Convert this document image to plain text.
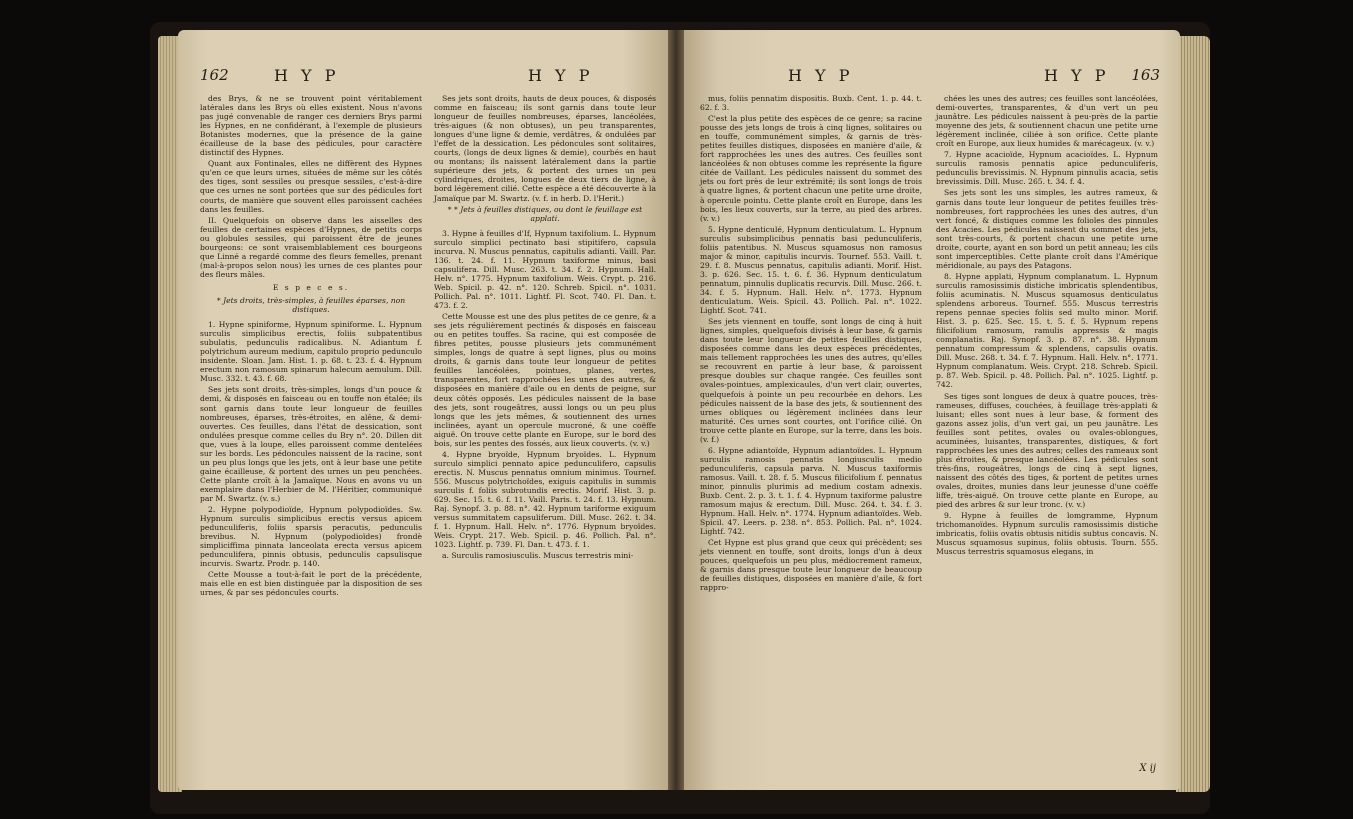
162	H Y P	H Y P

des Brys, & ne se trouvent point véritablement latérales dans les Brys où elles existent. Nous n'avons pas jugé convenable de ranger ces derniers Brys parmi les Hypnes, en ne confidérant, à l'exemple de plusieurs Botanistes modernes, que la présence de la gaine écailleuse de la base des pédicules, pour caractère distinctif des Hypnes.

Quant aux Fontinales, elles ne diffèrent des Hypnes qu'en ce que leurs urnes, situées de même sur les côtés des tiges, sont sessiles ou presque sessiles, c'est-à-dire que ces urnes ne sont portées que sur des pédicules fort courts, de manière que souvent elles paroissent cachées dans les feuilles.

II. Quelquefois on observe dans les aisselles des feuilles de certaines espèces d'Hypnes, de petits corps ou globules sessiles, qui paroissent être de jeunes bourgeons: ce sont vraisemblablement ces bourgeons que Linné a regardé comme des fleurs femelles, prenant (mal-à-propos selon nous) les urnes de ces plantes pour des fleurs mâles.

E s p e c e s.

* Jets droits, très-simples, à feuilles éparses, non distiques.

1. Hypne spiniforme, Hypnum spiniforme. L. Hypnum surculis simplicibus erectis, foliis subpatentibus subulatis, pedunculis radicalibus. N. Adiantum f. polytrichum aureum medium, capitulo proprio pedunculo insidente. Sloan. Jam. Hist. 1. p. 68. t. 23. f. 4. Hypnum erectum non ramosum spinarum halecum aemulum. Dill. Musc. 332. t. 43. f. 68.

Ses jets sont droits, très-simples, longs d'un pouce & demi, & disposés en faisceau ou en touffe non étalée; ils sont garnis dans toute leur longueur de feuilles nombreuses, éparses, très-étroites, en alêne, & demi-ouvertes. Ces feuilles, dans l'état de dessication, sont ondulées presque comme celles du Bry n°. 20. Dillen dit que, vues à la loupe, elles paroissent comme dentelées sur les bords. Les pédoncules naissent de la racine, sont un peu plus longs que les jets, ont à leur base une petite gaine écailleuse, & portent des urnes un peu penchées. Cette plante croît à la Jamaïque. Nous en avons vu un exemplaire dans l'Herbier de M. l'Héritier, communiqué par M. Swartz. (v. s.)

2. Hypne polypodioïde, Hypnum polypodioïdes. Sw. Hypnum surculis simplicibus erectis versus apicem pedunculiferis, foliis sparsis peracutis, pedunculis brevibus. N. Hypnum (polypodioïdes) frondè simpliciffima pinnata lanceolata erecta versus apicem pedunculifera, pinnis obtusis, pedunculis capsulisque incurvis. Swartz. Prodr. p. 140.

Cette Mousse a tout-à-fait le port de la précédente, mais elle en est bien distinguée par la disposition de ses urnes, & par ses pédoncules courts.

Ses jets sont droits, hauts de deux pouces, & disposés comme en faisceau; ils sont garnis dans toute leur longueur de feuilles nombreuses, éparses, lancéolées, très-aigues (& non obtuses), un peu transparentes, longues d'une ligne & demie, verdâtres, & ondulées par l'effet de la dessication. Les pédoncules sont solitaires, courts, (longs de deux lignes & demie), courbés en haut ou montans; ils naissent latéralement dans la partie supérieure des jets, & portent des urnes un peu cylindriques, droites, longues de deux tiers de ligne, à bord légèrement cilié. Cette espèce a été découverte à la Jamaïque par M. Swartz. (v. f. in herb. D. l'Herit.)

* * Jets à feuilles distiques, ou dont le feuillage est applati.

3. Hypne à feuilles d'If, Hypnum taxifolium. L. Hypnum surculo simplici pectinato basi stipitifero, capsula incurva. N. Muscus pennatus, capitulis adianti. Vaill. Par. 136. t. 24. f. 11. Hypnum taxiforme minus, basi capsulifera. Dill. Musc. 263. t. 34. f. 2. Hypnum. Hall. Helv. n°. 1775. Hypnum taxifolium. Weis. Crypt. p. 216. Web. Spicil. p. 42. n°. 120. Schreb. Spicil. n°. 1031. Pollich. Pal. n°. 1011. Lightf. Fl. Scot. 740. Fl. Dan. t. 473. f. 2.

Cette Mousse est une des plus petites de ce genre, & a ses jets régulièrement pectinés & disposés en faisceau ou en petites touffes. Sa racine, qui est composée de fibres petites, pousse plusieurs jets communément simples, longs de quatre à sept lignes, plus ou moins droits, & garnis dans toute leur longueur de petites feuilles lancéolées, pointues, planes, vertes, transparentes, fort rapprochées les unes des autres, & disposées en manière d'aile ou en dents de peigne, sur deux côtés opposés. Les pédicules naissent de la base des jets, sont rougeâtres, aussi longs ou un peu plus longs que les jets mêmes, & soutiennent des urnes inclinées, ayant un opercule mucroné, & une coëffe aiguë. On trouve cette plante en Europe, sur le bord des bois, sur les pentes des fossés, aux lieux couverts. (v. v.)

4. Hypne bryoïde, Hypnum bryoïdes. L. Hypnum surculo simplici pennato apice pedunculifero, capsulis erectis. N. Muscus pennatus omnium minimus. Tournef. 556. Muscus polytrichoïdes, exiguis capitulis in summis surculis f. foliis subrotundis erectis. Morif. Hist. 3. p. 629. Sec. 15. t. 6. f. 11. Vaill. Paris. t. 24. f. 13. Hypnum. Raj. Synopf. 3. p. 88. n°. 42. Hypnum tariforme exiguum versus summitatem capsuliferum. Dill. Musc. 262. t. 34. f. 1. Hypnum. Hall. Helv. n°. 1776. Hypnum bryoïdes. Weis. Crypt. 217. Web. Spicil. p. 46. Pollich. Pal. n°. 1023. Lightf. p. 739. Fl. Dan. t. 473. f. 1.

a. Surculis ramosiusculis. Muscus terrestris mini-

H Y P	H Y P 163

mus, foliis pennatim dispositis. Buxb. Cent. 1. p. 44. t. 62. f. 3.

C'est la plus petite des espèces de ce genre; sa racine pousse des jets longs de trois à cinq lignes, solitaires ou en touffe, communément simples, & garnis de très-petites feuilles distiques, disposées en manière d'aile, & fort rapprochées les unes des autres. Ces feuilles sont lancéolées & non obtuses comme les représente la figure citée de Vaillant. Les pédicules naissent du sommet des jets ou fort près de leur extrémité; ils sont longs de trois à quatre lignes, & portent chacun une petite urne droite, à opercule pointu. Cette plante croît en Europe, dans les bois, les lieux couverts, sur la terre, au pied des arbres. (v. v.)

5. Hypne denticulé, Hypnum denticulatum. L. Hypnum surculis subsimplicibus pennatis basi pedunculiferis, foliis patentibus. N. Muscus squamosus non ramosus major & minor, capitulis incurvis. Tournef. 553. Vaill. t. 29. f. 8. Muscus pennatus, capitulis adianti. Morif. Hist. 3. p. 626. Sec. 15. t. 6. f. 36. Hypnum denticulatum pennatum, pinnulis duplicatis recurvis. Dill. Musc. 266. t. 34. f. 5. Hypnum. Hall. Helv. n°. 1773. Hypnum denticulatum. Weis. Spicil. 43. Pollich. Pal. n°. 1022. Lightf. Scot. 741.

Ses jets viennent en touffe, sont longs de cinq à huit lignes, simples, quelquefois divisés à leur base, & garnis dans toute leur longueur de petites feuilles distiques, disposées comme dans les deux espèces précédentes, mais tellement rapprochées les unes des autres, qu'elles se recouvrent en partie à leur base, & paroissent presque doubles sur chaque rangée. Ces feuilles sont ovales-pointues, amplexicaules, d'un vert clair, ouvertes, quelquefois à pointe un peu recourbée en dehors. Les pédicules naissent de la base des jets, & soutiennent des urnes obliques ou légèrement inclinées dans leur maturité. Ces urnes sont courtes, ont l'orifice cilié. On trouve cette plante en Europe, sur la terre, dans les bois. (v. f.)

6. Hypne adiantoïde, Hypnum adiantoïdes. L. Hypnum surculis ramosis pennatis longiusculis medio pedunculiferis, capsula parva. N. Muscus taxiformis ramosus. Vaill. t. 28. f. 5. Muscus filicifolium f. pennatus minor, pinnulis plurimis ad medium costam adnexis. Buxb. Cent. 2. p. 3. t. 1. f. 4. Hypnum taxiforme palustre ramosum majus & erectum. Dill. Musc. 264. t. 34. f. 3. Hypnum. Hall. Helv. n°. 1774. Hypnum adiantoïdes. Web. Spicil. 47. Leers. p. 238. n°. 853. Pollich. Pal. n°. 1024. Lightf. 742.

Cet Hypne est plus grand que ceux qui précèdent; ses jets viennent en touffe, sont droits, longs d'un à deux pouces, quelquefois un peu plus, médiocrement rameux, & garnis dans presque toute leur longueur de beaucoup de feuilles distiques, disposées en manière d'aile, & fort rappro-

chées les unes des autres; ces feuilles sont lancéolées, demi-ouvertes, transparentes, & d'un vert un peu jaunâtre. Les pédicules naissent à peu-près de la partie moyenne des jets, & soutiennent chacun une petite urne légèrement inclinée, ciliée à son orifice. Cette plante croît en Europe, aux lieux humides & marécageux. (v. v.)

7. Hypne acacioïde, Hypnum acacioïdes. L. Hypnum surculis ramosis pennatis apice pedunculiferis, pedunculis brevissimis. N. Hypnum pinnulis acacia, setis brevissimis. Dill. Musc. 265. t. 34. f. 4.

Ses jets sont les uns simples, les autres rameux, & garnis dans toute leur longueur de petites feuilles très-nombreuses, fort rapprochées les unes des autres, d'un vert foncé, & distiques comme les folioles des pinnules des Acacies. Les pédicules naissent du sommet des jets, sont très-courts, & portent chacun une petite urne droite, courte, ayant en son bord un petit anneau; les cils sont imperceptibles. Cette plante croît dans l'Amérique méridionale, au pays des Patagons.

8. Hypne applati, Hypnum complanatum. L. Hypnum surculis ramosissimis distiche imbricatis splendentibus, foliis acuminatis. N. Muscus squamosus denticulatus splendens arboreus. Tournef. 555. Muscus terrestris repens pennae species foliis sed multo minor. Morif. Hist. 3. p. 625. Sec. 15. t. 5. f. 5. Hypnum repens filicifolium ramosum, ramulis appressis & magis complanatis. Raj. Synopf. 3. p. 87. n°. 38. Hypnum pennatum compressum & splendens, capsulis ovatis. Dill. Musc. 268. t. 34. f. 7. Hypnum. Hall. Helv. n°. 1771. Hypnum complanatum. Weis. Crypt. 218. Schreb. Spicil. p. 87. Web. Spicil. p. 48. Pollich. Pal. n°. 1025. Lightf. p. 742.

Ses tiges sont longues de deux à quatre pouces, très-rameuses, diffuses, couchées, à feuillage très-applati & luisant; elles sont nues à leur base, & forment des gazons assez jolis, d'un vert gai, un peu jaunâtre. Les feuilles sont petites, ovales ou ovales-oblongues, acuminées, luisantes, transparentes, distiques, & fort rapprochées les unes des autres; celles des rameaux sont plus étroites, & presque lancéolées. Les pédicules sont très-fins, rougeâtres, longs de cinq à sept lignes, naissent des côtés des tiges, & portent de petites urnes ovales, droites, munies dans leur jeunesse d'une coëffe liffe, très-aiguë. On trouve cette plante en Europe, au pied des arbres & sur leur tronc. (v. v.)

9. Hypne à feuilles de lomgramme, Hypnum trichomanoïdes. Hypnum surculis ramosissimis distiche imbricatis, foliis ovatis obtusis nitidis subtus concavis. N. Muscus squamosus supinus, foliis obtusis. Tourn. 555. Muscus terrestris squamosus elegans, in

X ij
